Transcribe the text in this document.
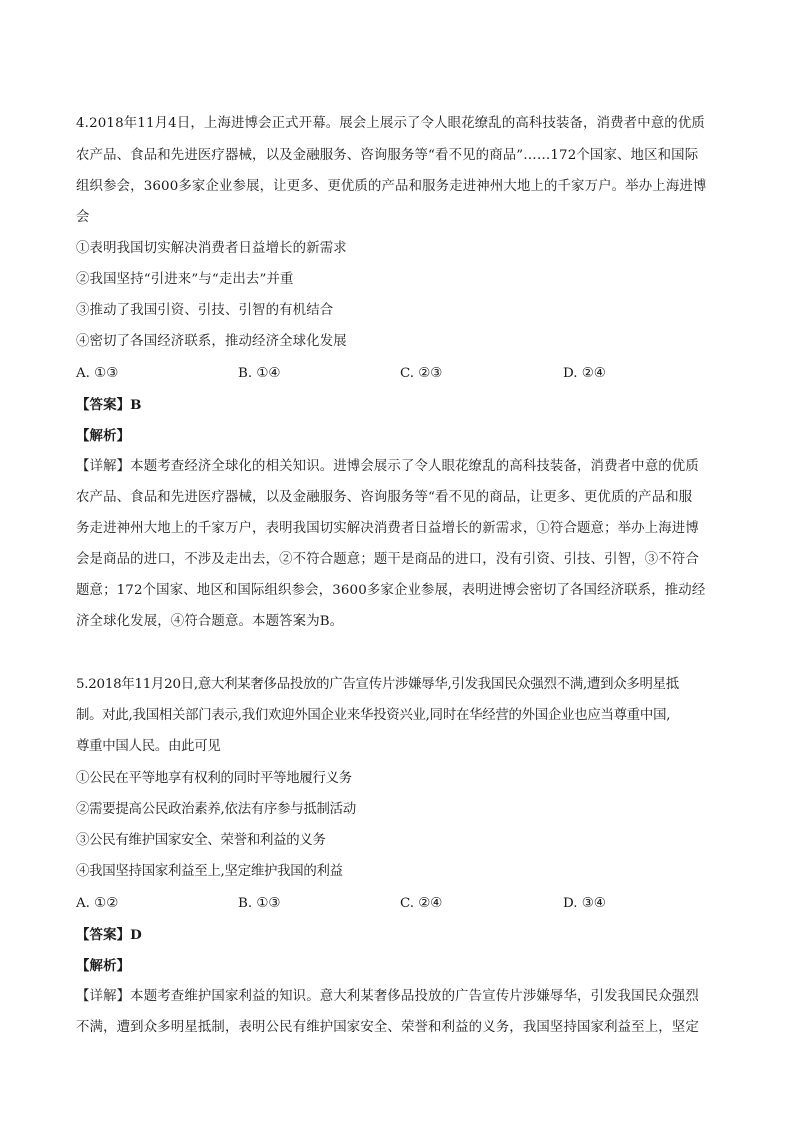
4.2018年11月4日，上海进博会正式开幕。展会上展示了令人眼花缭乱的高科技装备，消费者中意的优质
农产品、食品和先进医疗器械，以及金融服务、咨询服务等“看不见的商品”……172个国家、地区和国际
组织参会，3600多家企业参展，让更多、更优质的产品和服务走进神州大地上的千家万户。举办上海进博
会
①表明我国切实解决消费者日益增长的新需求
②我国坚持“引进来”与“走出去”并重
③推动了我国引资、引技、引智的有机结合
④密切了各国经济联系，推动经济全球化发展
A. ①③	B. ①④	C. ②③	D. ②④
【答案】B
【解析】
【详解】本题考查经济全球化的相关知识。进博会展示了令人眼花缭乱的高科技装备，消费者中意的优质
农产品、食品和先进医疗器械，以及金融服务、咨询服务等“看不见的商品，让更多、更优质的产品和服
务走进神州大地上的千家万户，表明我国切实解决消费者日益增长的新需求，①符合题意；举办上海进博
会是商品的进口，不涉及走出去，②不符合题意；题干是商品的进口，没有引资、引技、引智，③不符合
题意；172个国家、地区和国际组织参会，3600多家企业参展，表明进博会密切了各国经济联系，推动经
济全球化发展，④符合题意。本题答案为B。
5.2018年11月20日,意大利某奢侈品投放的广告宣传片涉嫌辱华,引发我国民众强烈不满,遭到众多明星抵
制。对此,我国相关部门表示,我们欢迎外国企业来华投资兴业,同时在华经营的外国企业也应当尊重中国,
尊重中国人民。由此可见
①公民在平等地享有权利的同时平等地履行义务
②需要提高公民政治素养,依法有序参与抵制活动
③公民有维护国家安全、荣誉和利益的义务
④我国坚持国家利益至上,坚定维护我国的利益
A. ①②	B. ①③	C. ②④	D. ③④
【答案】D
【解析】
【详解】本题考查维护国家利益的知识。意大利某奢侈品投放的广告宣传片涉嫌辱华，引发我国民众强烈
不满，遭到众多明星抵制，表明公民有维护国家安全、荣誉和利益的义务，我国坚持国家利益至上，坚定
